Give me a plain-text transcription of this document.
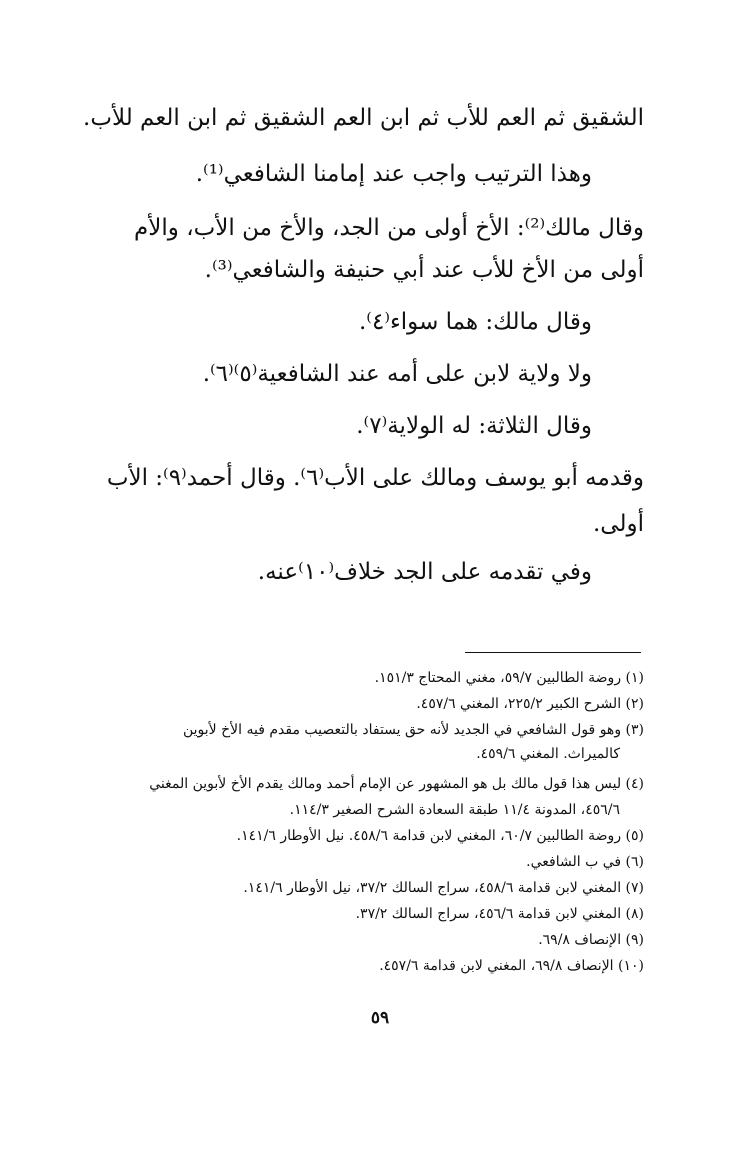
الشقيق ثم العم للأب ثم ابن العم الشقيق ثم ابن العم للأب.
وهذا الترتيب واجب عند إمامنا الشافعي⁽¹⁾.
وقال مالك⁽²⁾: الأخ أولى من الجد، والأخ من الأب، والأم
أولى من الأخ للأب عند أبي حنيفة والشافعي⁽³⁾.
وقال مالك: هما سواء⁽٤⁾.
ولا ولاية لابن على أمه عند الشافعية⁽٥⁾⁽٦⁾.
وقال الثلاثة: له الولاية⁽٧⁾.
وقدمه أبو يوسف ومالك على الأب⁽٦⁾. وقال أحمد⁽٩⁾: الأب
أولى.
وفي تقدمه على الجد خلاف⁽١٠⁾عنه.
(١) روضة الطالبين ٥٩/٧، مغني المحتاج ١٥١/٣.
(٢) الشرح الكبير ٢٢٥/٢، المغني ٤٥٧/٦.
(٣) وهو قول الشافعي في الجديد لأنه حق يستفاد بالتعصيب مقدم فيه الأخ لأبوين
كالميراث. المغني ٤٥٩/٦.
(٤) ليس هذا قول مالك بل هو المشهور عن الإمام أحمد ومالك يقدم الأخ لأبوين المغني
٤٥٦/٦، المدونة ١١/٤ طبقة السعادة الشرح الصغير ١١٤/٣.
(٥) روضة الطالبين ٦٠/٧، المغني لابن قدامة ٤٥٨/٦. نيل الأوطار ١٤١/٦.
(٦) في ب الشافعي.
(٧) المغني لابن قدامة ٤٥٨/٦، سراج السالك ٣٧/٢، نيل الأوطار ١٤١/٦.
(٨) المغني لابن قدامة ٤٥٦/٦، سراج السالك ٣٧/٢.
(٩) الإنصاف ٦٩/٨.
(١٠) الإنصاف ٦٩/٨، المغني لابن قدامة ٤٥٧/٦.
٥٩
